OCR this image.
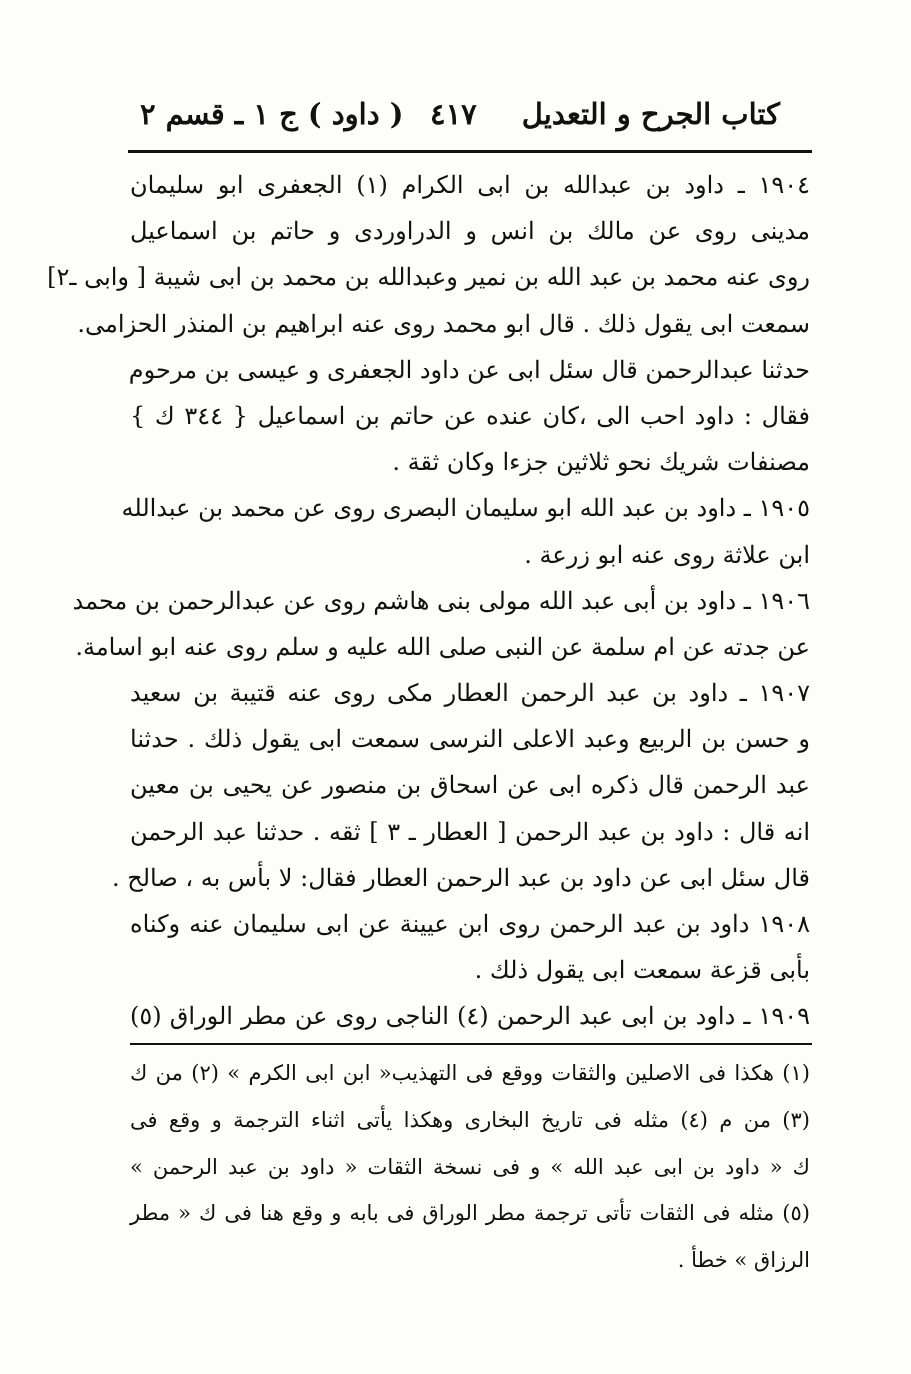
كتاب الجرح و التعديل
٤١٧
( داود ) ج ١ ـ قسم ٢
١٩٠٤ ـ داود بن عبدالله بن ابى الكرام (١) الجعفرى ابو سليمان
مدينى روى عن مالك بن انس و الدراوردى و حاتم بن اسماعيل
روى عنه محمد بن عبد الله بن نمير وعبدالله بن محمد بن ابى شيبة [ وابى ـ٢]
سمعت ابى يقول ذلك . قال ابو محمد روى عنه ابراهيم بن المنذر الحزامى.
حدثنا عبدالرحمن قال سئل ابى عن داود الجعفرى و عيسى بن مرحوم
فقال : داود احب الى ،كان عنده عن حاتم بن اسماعيل { ٣٤٤ ك }
مصنفات شريك نحو ثلاثين جزءا وكان ثقة .
١٩٠٥ ـ داود بن عبد الله ابو سليمان البصرى روى عن محمد بن عبدالله
ابن علاثة روى عنه ابو زرعة .
١٩٠٦ ـ داود بن أبى عبد الله مولى بنى هاشم روى عن عبدالرحمن بن محمد
عن جدته عن ام سلمة عن النبى صلى الله عليه و سلم روى عنه ابو اسامة.
١٩٠٧ ـ داود بن عبد الرحمن العطار مكى روى عنه قتيبة بن سعيد
و حسن بن الربيع وعبد الاعلى النرسى سمعت ابى يقول ذلك . حدثنا
عبد الرحمن قال ذكره ابى عن اسحاق بن منصور عن يحيى بن معين
انه قال : داود بن عبد الرحمن [ العطار ـ ٣ ] ثقه . حدثنا عبد الرحمن
قال سئل ابى عن داود بن عبد الرحمن العطار فقال: لا بأس به ، صالح .
١٩٠٨ داود بن عبد الرحمن روى ابن عيينة عن ابى سليمان عنه وكناه
بأبى قزعة سمعت ابى يقول ذلك .
١٩٠٩ ـ داود بن ابى عبد الرحمن (٤) الناجى روى عن مطر الوراق (٥)
(١) هكذا فى الاصلين والثقات ووقع فى التهذيب« ابن ابى الكرم » (٢) من ك
(٣) من م (٤) مثله فى تاريخ البخارى وهكذا يأتى اثناء الترجمة و وقع فى
ك « داود بن ابى عبد الله » و فى نسخة الثقات « داود بن عبد الرحمن »
(٥) مثله فى الثقات تأتى ترجمة مطر الوراق فى بابه و وقع هنا فى ك « مطر
الرزاق » خطأ .
